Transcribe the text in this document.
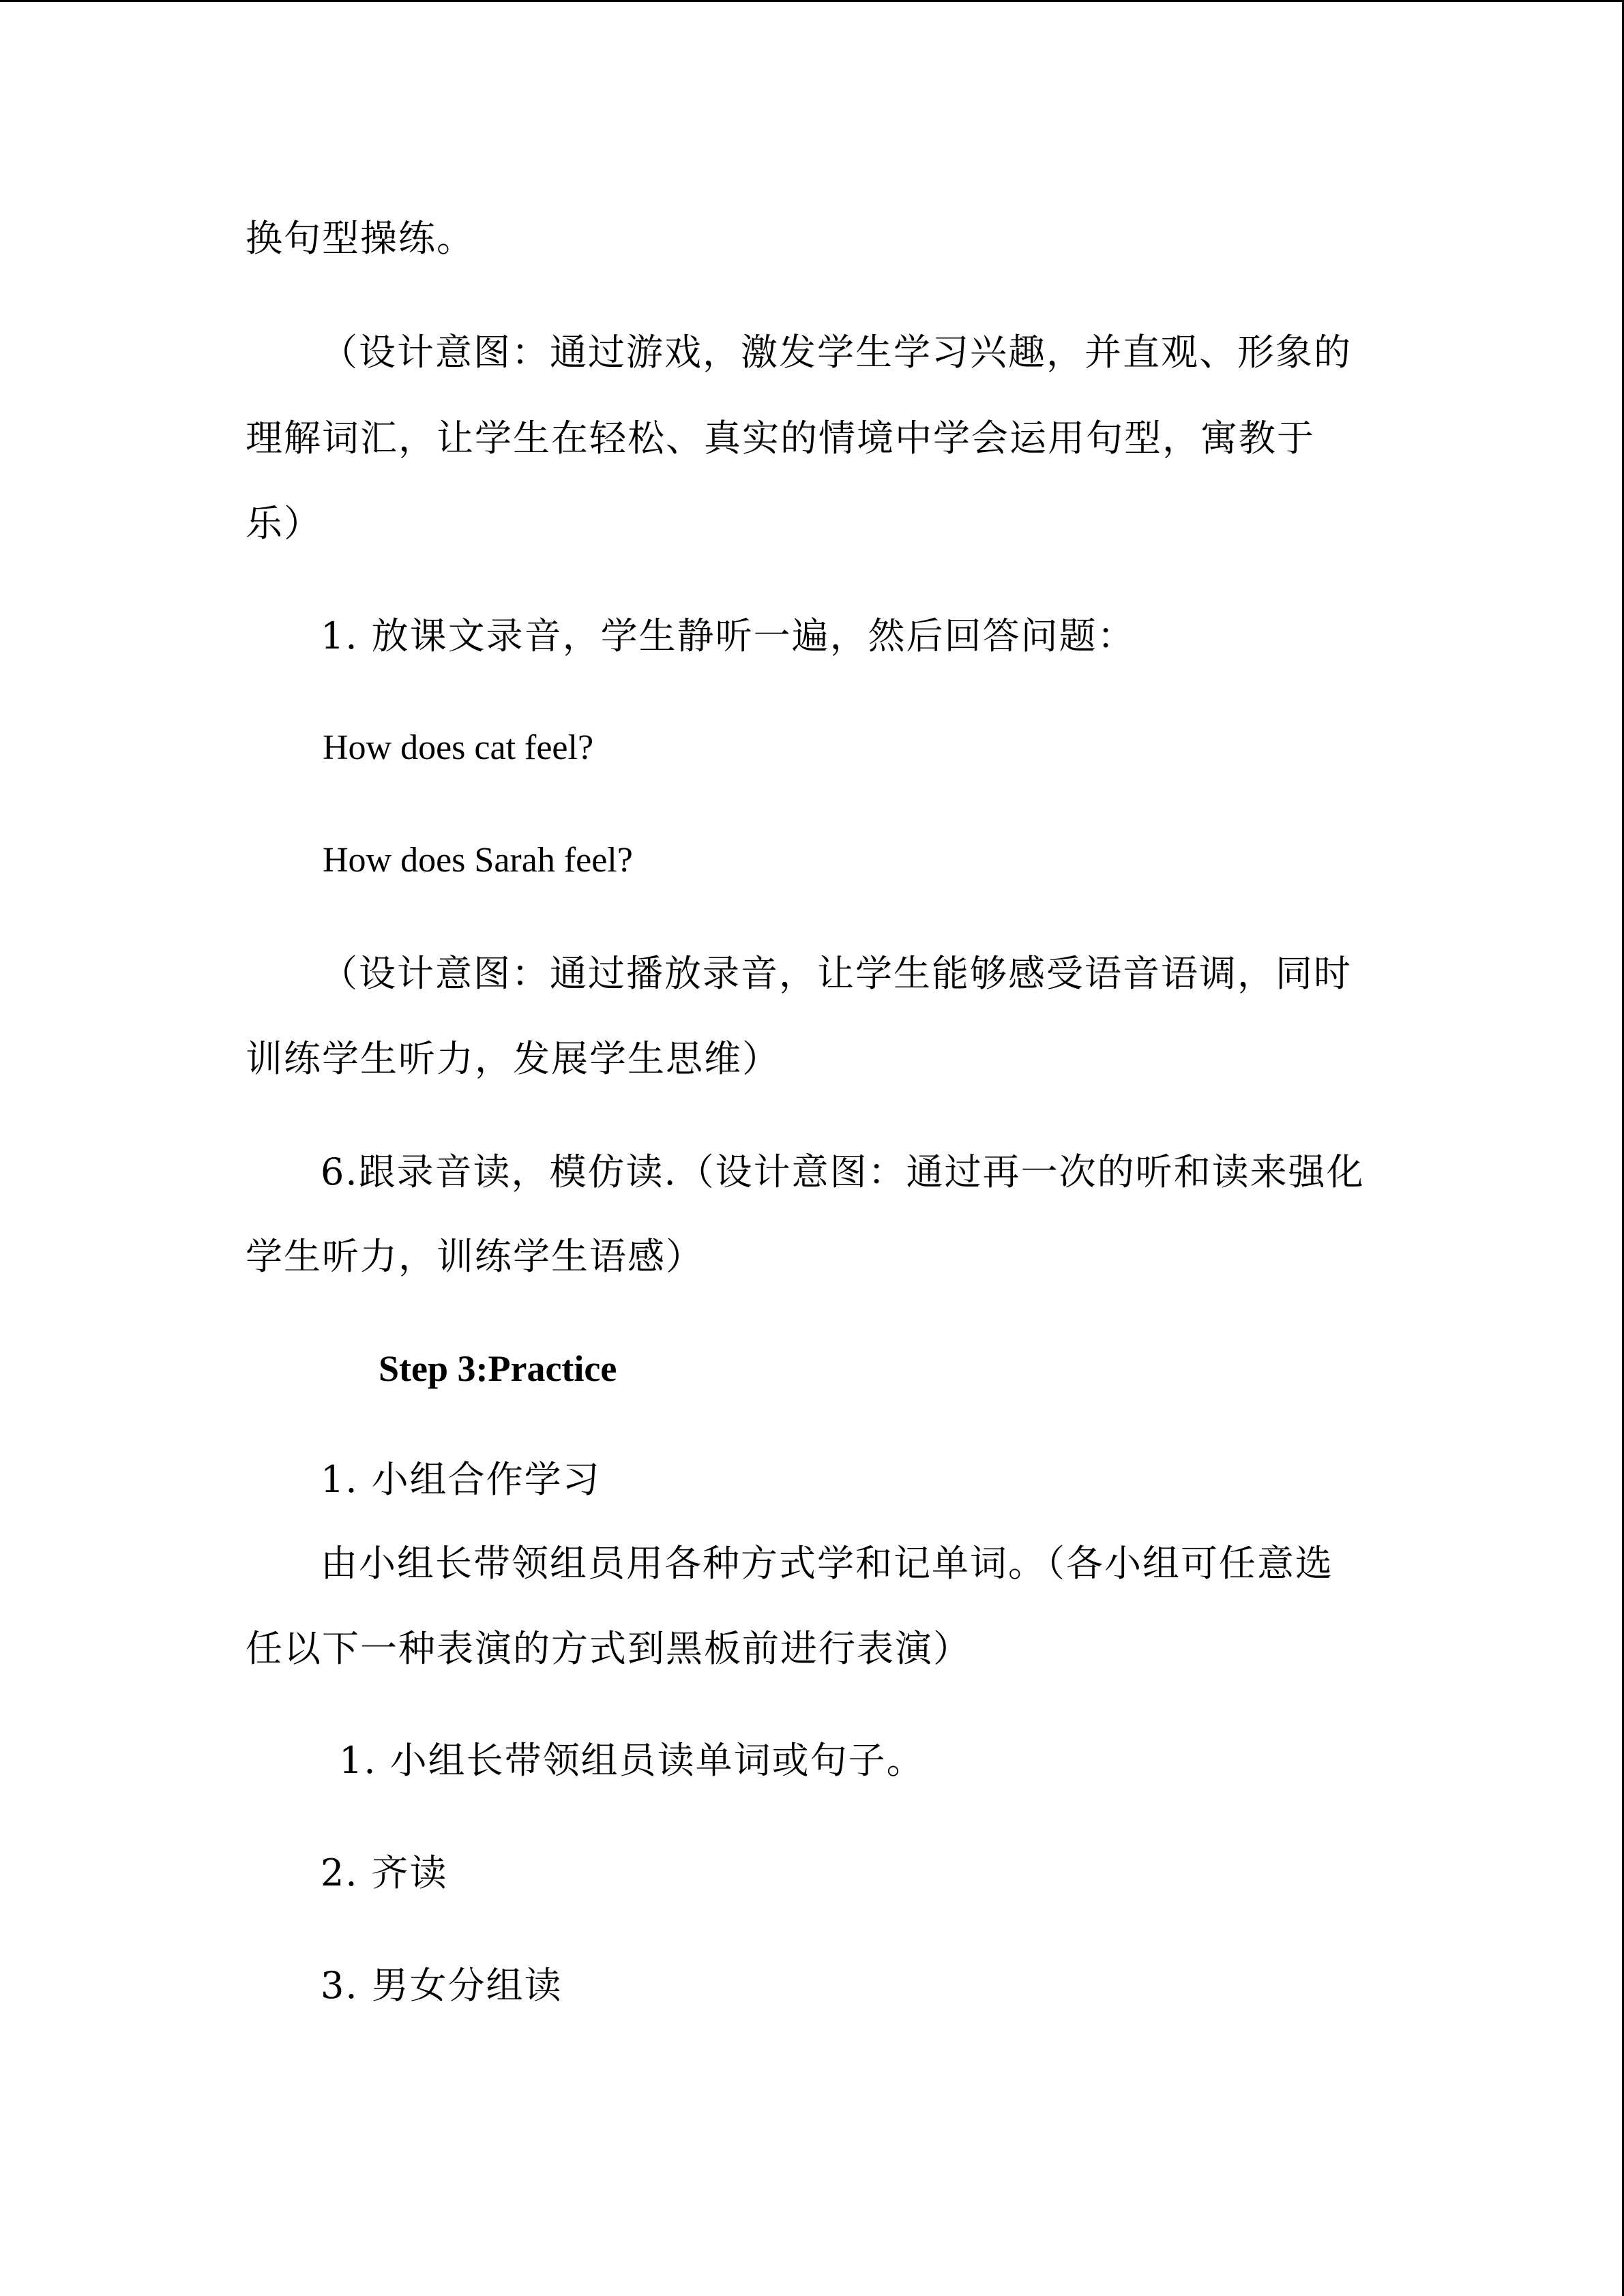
换句型操练。
（设计意图：通过游戏，激发学生学习兴趣，并直观、形象的
理解词汇，让学生在轻松、真实的情境中学会运用句型，寓教于
乐）
1. 放课文录音，学生静听一遍，然后回答问题：
How does cat feel?
How does Sarah feel?
（设计意图：通过播放录音，让学生能够感受语音语调，同时
训练学生听力，发展学生思维）
6.跟录音读，模仿读.（设计意图：通过再一次的听和读来强化
学生听力，训练学生语感）
Step 3:Practice
1. 小组合作学习
由小组长带领组员用各种方式学和记单词。（各小组可任意选
任以下一种表演的方式到黑板前进行表演）
1. 小组长带领组员读单词或句子。
2. 齐读
3. 男女分组读
